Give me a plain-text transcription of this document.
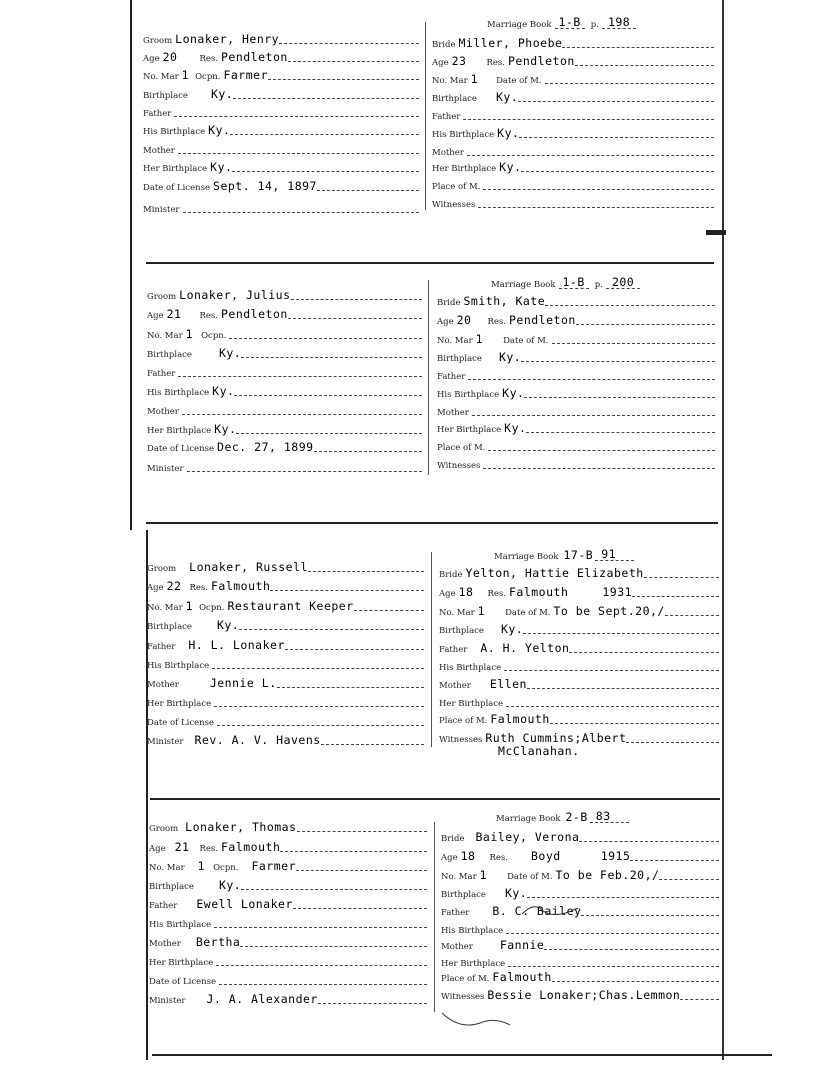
Groom Lonaker, Henry
Age 20	Res. Pendleton
No. Mar 1 Ocpn. Farmer
Birthplace Ky.
Father
His Birthplace Ky.
Mother
Her Birthplace Ky.
Date of License Sept. 14, 1897
Minister
Marriage Book 1-B	p. 198
Bride Miller, Phoebe
Age 23 Res. Pendleton
No. Mar 1 Date of M.
Birthplace Ky.
Father
His Birthplace Ky.
Mother
Her Birthplace Ky.
Place of M.
Witnesses
Groom Lonaker, Julius
Age 21 Res. Pendleton
No. Mar 1 Ocpn.
Birthplace Ky.
Father
His Birthplace Ky.
Mother
Her Birthplace Ky.
Date of License Dec. 27, 1899
Minister
Marriage Book 1-B	p. 200
Bride Smith, Kate
Age 20 Res. Pendleton
No. Mar 1 Date of M.
Birthplace Ky.
Father
His Birthplace Ky.
Mother
Her Birthplace Ky.
Place of M.
Witnesses
Groom Lonaker, Russell
Age 22 Res. Falmouth
No. Mar 1 Ocpn. Restaurant Keeper
Birthplace Ky.
Father H. L. Lonaker
His Birthplace
Mother	Jennie L.
Her Birthplace
Date of License
Minister Rev. A. V. Havens
Marriage Book 17-B 91
Bride Yelton, Hattie Elizabeth
Age 18 Res. Falmouth	1931
No. Mar 1 Date of M. To be Sept.20,/
Birthplace Ky.
Father A. H. Yelton
His Birthplace
Mother Ellen
Her Birthplace
Place of M. Falmouth
Witnesses Ruth Cummins;Albert
McClanahan.
Groom Lonaker, Thomas
Age 21 Res. Falmouth
No. Mar 1 Ocpn. Farmer
Birthplace Ky.
Father Ewell Lonaker
His Birthplace
Mother Bertha
Her Birthplace
Date of License
Minister J. A. Alexander
Marriage Book 2-B 83
Bride Bailey, Verona
Age 18 Res. Boyd	1915
No. Mar 1 Date of M. To be Feb.20,/
Birthplace Ky.
Father B. C. Bailey
His Birthplace
Mother Fannie
Her Birthplace
Place of M. Falmouth
Witnesses Bessie Lonaker;Chas.Lemmon
